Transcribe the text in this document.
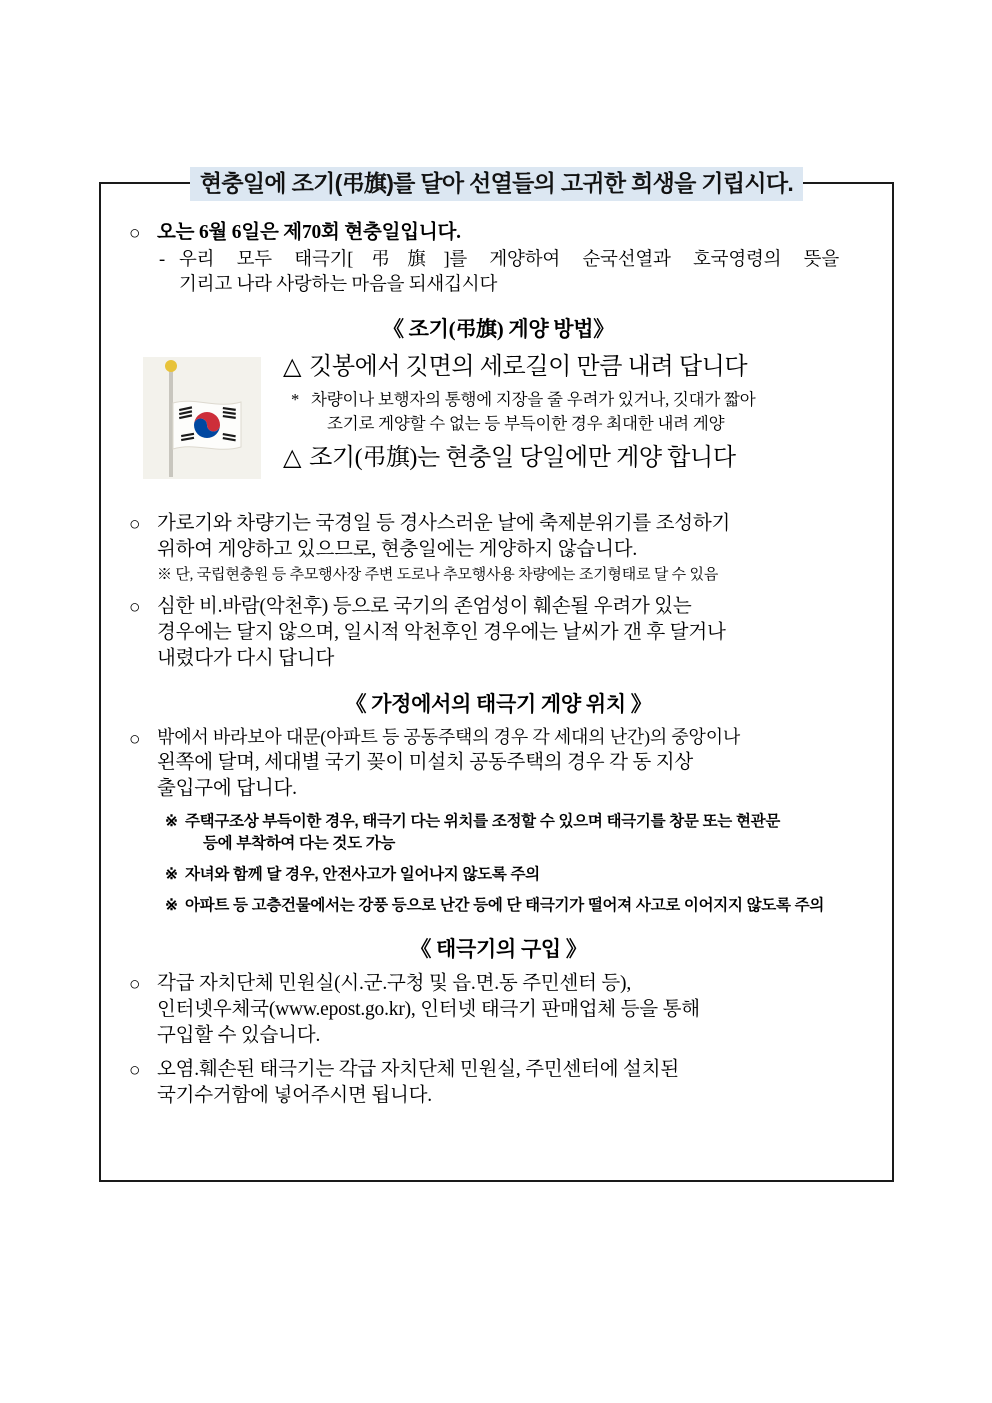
○ 오는 6월 6일은 제70회 현충일입니다.
- 우리 모두 태극기[弔旗]를 게양하여 순국선열과 호국영령의 뜻을
기리고 나라 사랑하는 마음을 되새깁시다
《 조기(弔旗) 게양 방법》
△ 깃봉에서 깃면의 세로길이 만큼 내려 답니다
* 차량이나 보행자의 통행에 지장을 줄 우려가 있거나, 깃대가 짧아
조기로 게양할 수 없는 등 부득이한 경우 최대한 내려 게양
△ 조기(弔旗)는 현충일 당일에만 게양 합니다
○ 가로기와 차량기는 국경일 등 경사스러운 날에 축제분위기를 조성하기
위하여 게양하고 있으므로, 현충일에는 게양하지 않습니다.
※ 단, 국립현충원 등 추모행사장 주변 도로나 추모행사용 차량에는 조기형태로 달 수 있음
○ 심한 비.바람(악천후) 등으로 국기의 존엄성이 훼손될 우려가 있는
경우에는 달지 않으며, 일시적 악천후인 경우에는 날씨가 갠 후 달거나
내렸다가 다시 답니다
《 가정에서의 태극기 게양 위치 》
○ 밖에서 바라보아 대문(아파트 등 공동주택의 경우 각 세대의 난간)의 중앙이나
왼쪽에 달며, 세대별 국기 꽂이 미설치 공동주택의 경우 각 동 지상
출입구에 답니다.
※ 주택구조상 부득이한 경우, 태극기 다는 위치를 조정할 수 있으며 태극기를 창문 또는 현관문
등에 부착하여 다는 것도 가능
※ 자녀와 함께 달 경우, 안전사고가 일어나지 않도록 주의
※ 아파트 등 고층건물에서는 강풍 등으로 난간 등에 단 태극기가 떨어져 사고로 이어지지 않도록 주의
《 태극기의 구입 》
○ 각급 자치단체 민원실(시.군.구청 및 읍.면.동 주민센터 등),
인터넷우체국(www.epost.go.kr), 인터넷 태극기 판매업체 등을 통해
구입할 수 있습니다.
○ 오염.훼손된 태극기는 각급 자치단체 민원실, 주민센터에 설치된
국기수거함에 넣어주시면 됩니다.
현충일에 조기(弔旗)를 달아 선열들의 고귀한 희생을 기립시다.
